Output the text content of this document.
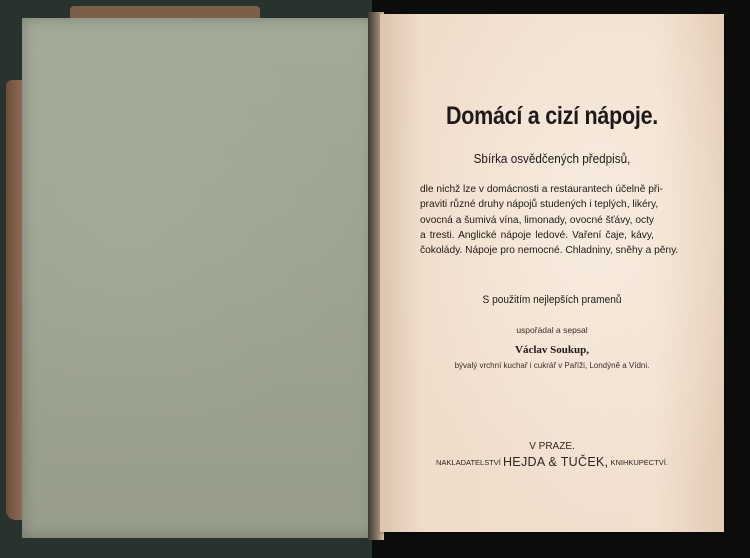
Domácí a cizí nápoje.

Sbírka osvědčených předpisů,

dle nichž lze v domácnosti a restaurantech účelně při-
praviti různé druhy nápojů studených i teplých, likéry,
ovocná a šumivá vína, limonady, ovocné šťávy, octy
a tresti. Anglické nápoje ledové. Vaření čaje, kávy,
čokolády. Nápoje pro nemocné. Chladniny, sněhy a pěny.

S použitím nejlepších pramenů

uspořádal a sepsal

Václav Soukup,

bývalý vrchní kuchař i cukrář v Paříži, Londýně a Vídni.

V PRAZE.

NAKLADATELSTVÍ HEJDA & TUČEK, KNIHKUPECTVÍ.
